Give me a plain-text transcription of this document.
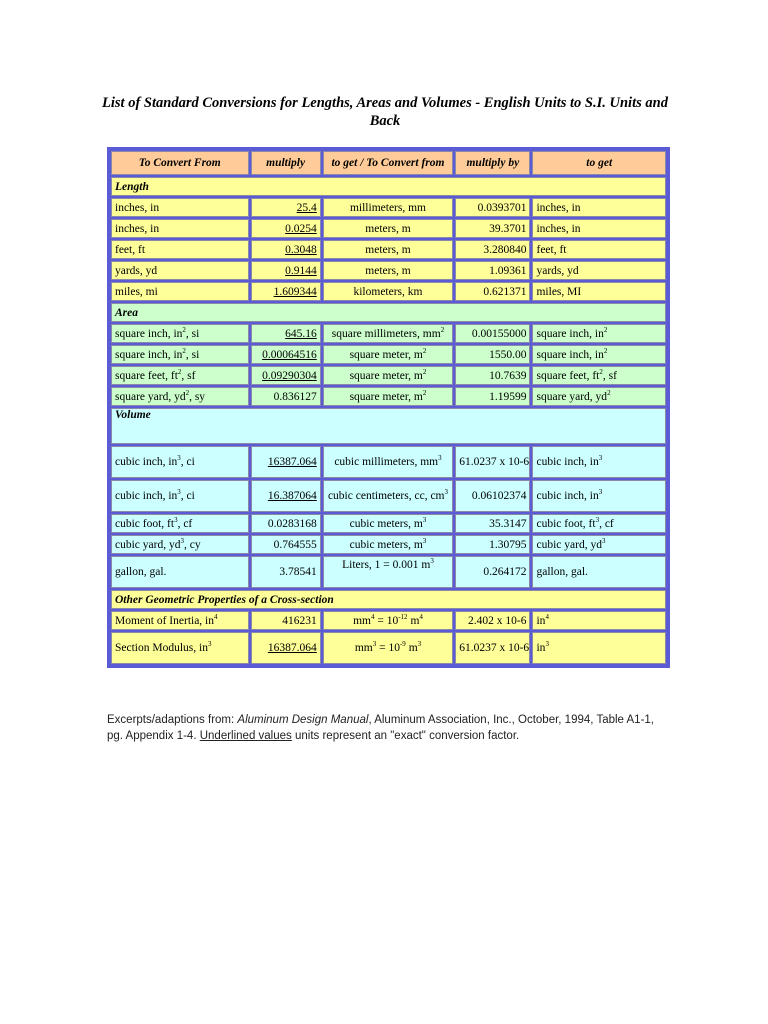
List of Standard Conversions for Lengths, Areas and Volumes - English Units to S.I. Units and Back
To Convert From	multiply	to get / To Convert from	multiply by	to get
Length				
inches, in	25.4	millimeters, mm	0.0393701	inches, in
inches, in	0.0254	meters, m	39.3701	inches, in
feet, ft	0.3048	meters, m	3.280840	feet, ft
yards, yd	0.9144	meters, m	1.09361	yards, yd
miles, mi	1.609344	kilometers, km	0.621371	miles, MI
Area				
square inch, $in^2$, si	645.16	square millimeters, $mm^2$	0.00155000	square inch, $in^2$
square inch, $in^2$, si	0.00064516	square meter, $m^2$	1550.00	square inch, $in^2$
square feet, $ft^2$, sf	0.09290304	square meter, $m^2$	10.7639	square feet, $ft^2$, sf
square yard, $yd^2$, sy	0.836127	square meter, $m^2$	1.19599	square yard, $yd^2$
Volume				
cubic inch, $in^3$, ci	16387.064	cubic millimeters, $mm^3$	61.0237 x 10-6	cubic inch, $in^3$
cubic inch, $in^3$, ci	16.387064	cubic centimeters, cc, $cm^3$	0.06102374	cubic inch, $in^3$
cubic foot, $ft^3$, cf	0.0283168	cubic meters, $m^3$	35.3147	cubic foot, $ft^3$, cf
cubic yard, $yd^3$, cy	0.764555	cubic meters, $m^3$	1.30795	cubic yard, $yd^3$
gallon, gal.	3.78541	Liters, 1 = 0.001 $m^3$	0.264172	gallon, gal.
Other Geometric Properties of a Cross-section				
Moment of Inertia, $in^4$	416231	$mm^4 = 10^{-12}$ $m^4$	2.402 x 10-6	$in^4$
Section Modulus, $in^3$	16387.064	$mm^3 = 10^{-9}$ $m^3$	61.0237 x 10-6	$in^3$
Excerpts/adaptions from: Aluminum Design Manual, Aluminum Association, Inc., October, 1994, Table A1-1, pg. Appendix 1-4. Underlined values units represent an "exact" conversion factor.
